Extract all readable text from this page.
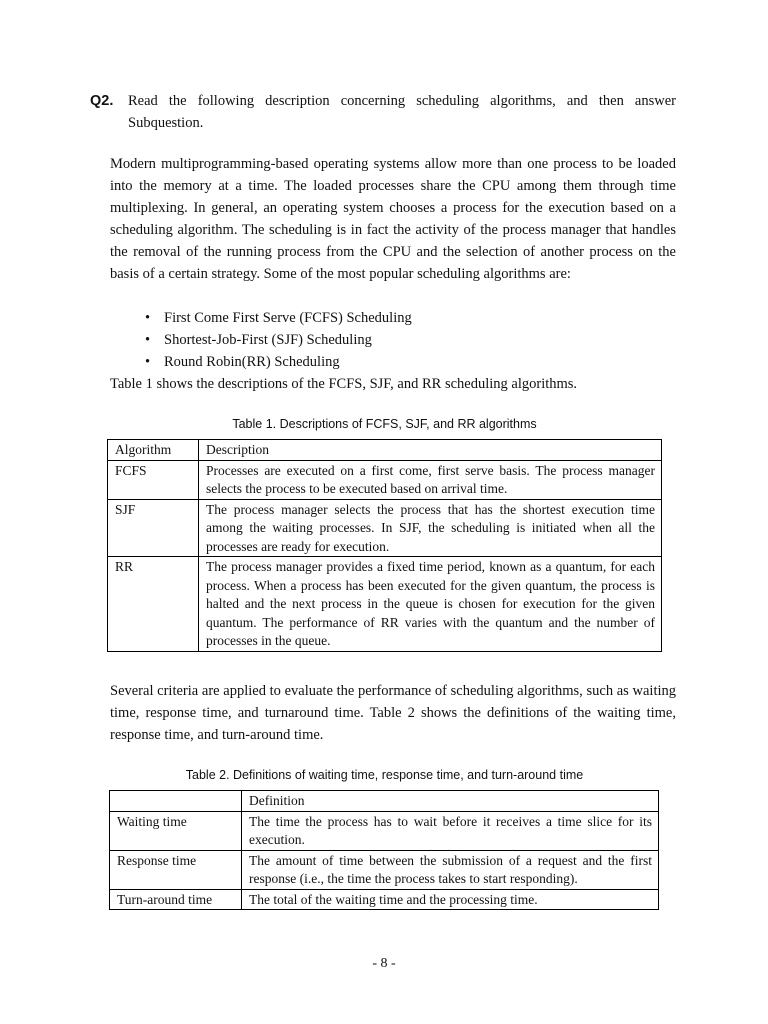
Q2. Read the following description concerning scheduling algorithms, and then answer Subquestion.
Modern multiprogramming-based operating systems allow more than one process to be loaded into the memory at a time. The loaded processes share the CPU among them through time multiplexing. In general, an operating system chooses a process for the execution based on a scheduling algorithm. The scheduling is in fact the activity of the process manager that handles the removal of the running process from the CPU and the selection of another process on the basis of a certain strategy. Some of the most popular scheduling algorithms are:
• First Come First Serve (FCFS) Scheduling
• Shortest-Job-First (SJF) Scheduling
• Round Robin(RR) Scheduling
Table 1 shows the descriptions of the FCFS, SJF, and RR scheduling algorithms.
Table 1. Descriptions of FCFS, SJF, and RR algorithms
Algorithm	Description
FCFS	Processes are executed on a first come, first serve basis. The process manager selects the process to be executed based on arrival time.
SJF	The process manager selects the process that has the shortest execution time among the waiting processes. In SJF, the scheduling is initiated when all the processes are ready for execution.
RR	The process manager provides a fixed time period, known as a quantum, for each process. When a process has been executed for the given quantum, the process is halted and the next process in the queue is chosen for execution for the given quantum. The performance of RR varies with the quantum and the number of processes in the queue.
Several criteria are applied to evaluate the performance of scheduling algorithms, such as waiting time, response time, and turnaround time. Table 2 shows the definitions of the waiting time, response time, and turn-around time.
Table 2. Definitions of waiting time, response time, and turn-around time
	Definition
Waiting time	The time the process has to wait before it receives a time slice for its execution.
Response time	The amount of time between the submission of a request and the first response (i.e., the time the process takes to start responding).
Turn-around time	The total of the waiting time and the processing time.
- 8 -
